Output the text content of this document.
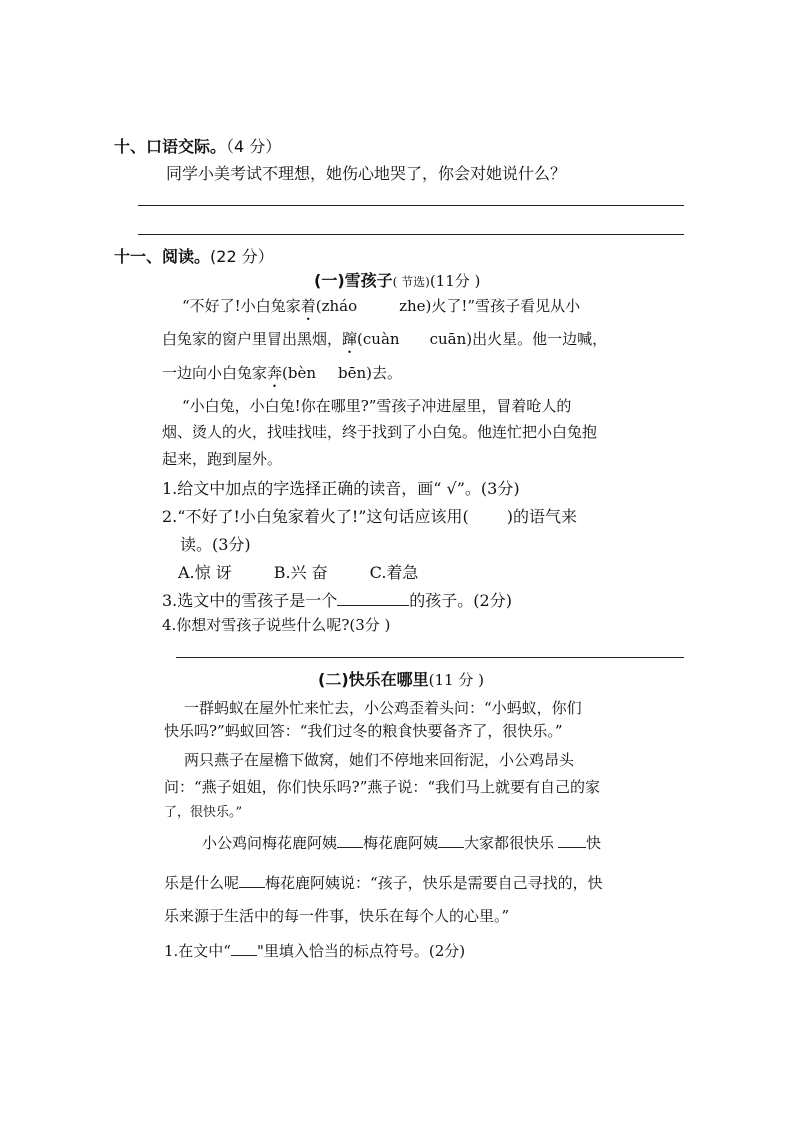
十、口语交际。（4 分）
同学小美考试不理想，她伤心地哭了，你会对她说什么？
十一、阅读。(22 分）
(一)雪孩子( 节选)(11分 )
“不好了!小白兔家着(zháo	zhe)火了!”雪孩子看见从小
白兔家的窗户里冒出黑烟，蹿(cuàn cuān)出火星。他一边喊，
一边向小白兔家奔(bèn bēn)去。
“小白兔，小白兔!你在哪里?”雪孩子冲进屋里，冒着呛人的
烟、烫人的火，找哇找哇，终于找到了小白兔。他连忙把小白兔抱
起来，跑到屋外。
1.给文中加点的字选择正确的读音，画“ √”。(3分)
2.“不好了!小白兔家着火了!”这句话应该用( )的语气来
读。(3分)
A.惊 讶	B.兴 奋	C.着急
3.选文中的雪孩子是一个	的孩子。(2分)
4.你想对雪孩子说些什么呢?(3分 )
(二)快乐在哪里(11 分 )
一群蚂蚁在屋外忙来忙去，小公鸡歪着头问：“小蚂蚁，你们
快乐吗?”蚂蚁回答：“我们过冬的粮食快要备齐了，很快乐。”
两只燕子在屋檐下做窝，她们不停地来回衔泥，小公鸡昂头
问：“燕子姐姐，你们快乐吗?”燕子说：“我们马上就要有自己的家
了，很快乐。”
小公鸡问梅花鹿阿姨 梅花鹿阿姨 大家都很快乐 快
乐是什么呢 梅花鹿阿姨说：“孩子，快乐是需要自己寻找的，快
乐来源于生活中的每一件事，快乐在每个人的心里。”
1.在文中“ "里填入恰当的标点符号。(2分)
